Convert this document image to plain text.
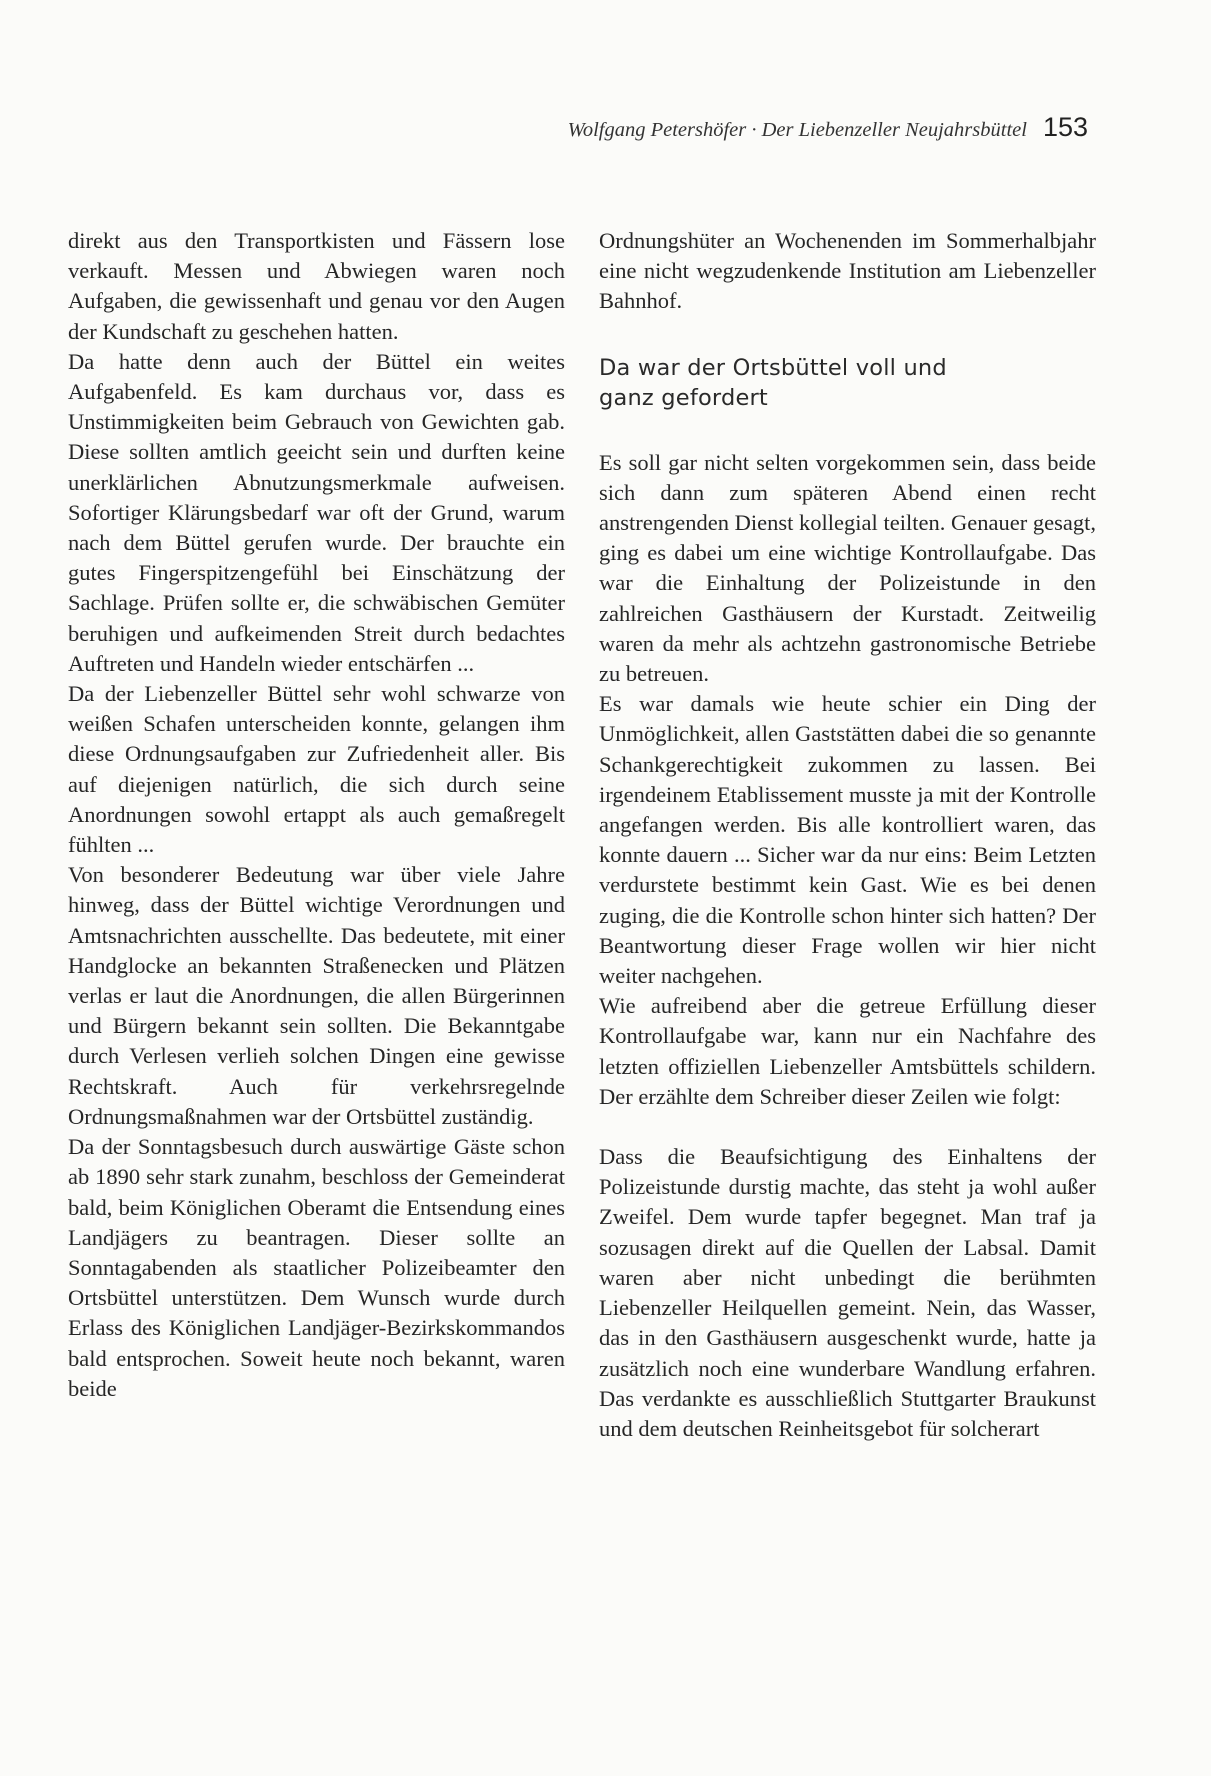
Wolfgang Petershöfer · Der Liebenzeller Neujahrsbüttel 153

direkt aus den Transportkisten und Fässern lose verkauft. Messen und Abwiegen waren noch Aufgaben, die gewissenhaft und genau vor den Augen der Kundschaft zu geschehen hatten.

Da hatte denn auch der Büttel ein weites Aufgabenfeld. Es kam durchaus vor, dass es Unstimmigkeiten beim Gebrauch von Gewichten gab. Diese sollten amtlich geeicht sein und durften keine unerklärlichen Abnutzungsmerkmale aufweisen. Sofortiger Klärungsbedarf war oft der Grund, warum nach dem Büttel gerufen wurde. Der brauchte ein gutes Fingerspitzengefühl bei Einschätzung der Sachlage. Prüfen sollte er, die schwäbischen Gemüter beruhigen und aufkeimenden Streit durch bedachtes Auftreten und Handeln wieder entschärfen ...

Da der Liebenzeller Büttel sehr wohl schwarze von weißen Schafen unterscheiden konnte, gelangen ihm diese Ordnungsaufgaben zur Zufriedenheit aller. Bis auf diejenigen natürlich, die sich durch seine Anordnungen sowohl ertappt als auch gemaßregelt fühlten ...

Von besonderer Bedeutung war über viele Jahre hinweg, dass der Büttel wichtige Verordnungen und Amtsnachrichten ausschellte. Das bedeutete, mit einer Handglocke an bekannten Straßenecken und Plätzen verlas er laut die Anordnungen, die allen Bürgerinnen und Bürgern bekannt sein sollten. Die Bekanntgabe durch Verlesen verlieh solchen Dingen eine gewisse Rechtskraft. Auch für verkehrsregelnde Ordnungsmaßnahmen war der Ortsbüttel zuständig.

Da der Sonntagsbesuch durch auswärtige Gäste schon ab 1890 sehr stark zunahm, beschloss der Gemeinderat bald, beim Königlichen Oberamt die Entsendung eines Landjägers zu beantragen. Dieser sollte an Sonntagabenden als staatlicher Polizeibeamter den Ortsbüttel unterstützen. Dem Wunsch wurde durch Erlass des Königlichen Landjäger-Bezirkskommandos bald entsprochen. Soweit heute noch bekannt, waren beide

Ordnungshüter an Wochenenden im Sommerhalbjahr eine nicht wegzudenkende Institution am Liebenzeller Bahnhof.

Da war der Ortsbüttel voll und
ganz gefordert

Es soll gar nicht selten vorgekommen sein, dass beide sich dann zum späteren Abend einen recht anstrengenden Dienst kollegial teilten. Genauer gesagt, ging es dabei um eine wichtige Kontrollaufgabe. Das war die Einhaltung der Polizeistunde in den zahlreichen Gasthäusern der Kurstadt. Zeitweilig waren da mehr als achtzehn gastronomische Betriebe zu betreuen.

Es war damals wie heute schier ein Ding der Unmöglichkeit, allen Gaststätten dabei die so genannte Schankgerechtigkeit zukommen zu lassen. Bei irgendeinem Etablissement musste ja mit der Kontrolle angefangen werden. Bis alle kontrolliert waren, das konnte dauern ... Sicher war da nur eins: Beim Letzten verdurstete bestimmt kein Gast. Wie es bei denen zuging, die die Kontrolle schon hinter sich hatten? Der Beantwortung dieser Frage wollen wir hier nicht weiter nachgehen.

Wie aufreibend aber die getreue Erfüllung dieser Kontrollaufgabe war, kann nur ein Nachfahre des letzten offiziellen Liebenzeller Amtsbüttels schildern. Der erzählte dem Schreiber dieser Zeilen wie folgt:

Dass die Beaufsichtigung des Einhaltens der Polizeistunde durstig machte, das steht ja wohl außer Zweifel. Dem wurde tapfer begegnet. Man traf ja sozusagen direkt auf die Quellen der Labsal. Damit waren aber nicht unbedingt die berühmten Liebenzeller Heilquellen gemeint. Nein, das Wasser, das in den Gasthäusern ausgeschenkt wurde, hatte ja zusätzlich noch eine wunderbare Wandlung erfahren. Das verdankte es ausschließlich Stuttgarter Braukunst und dem deutschen Reinheitsgebot für solcherart
